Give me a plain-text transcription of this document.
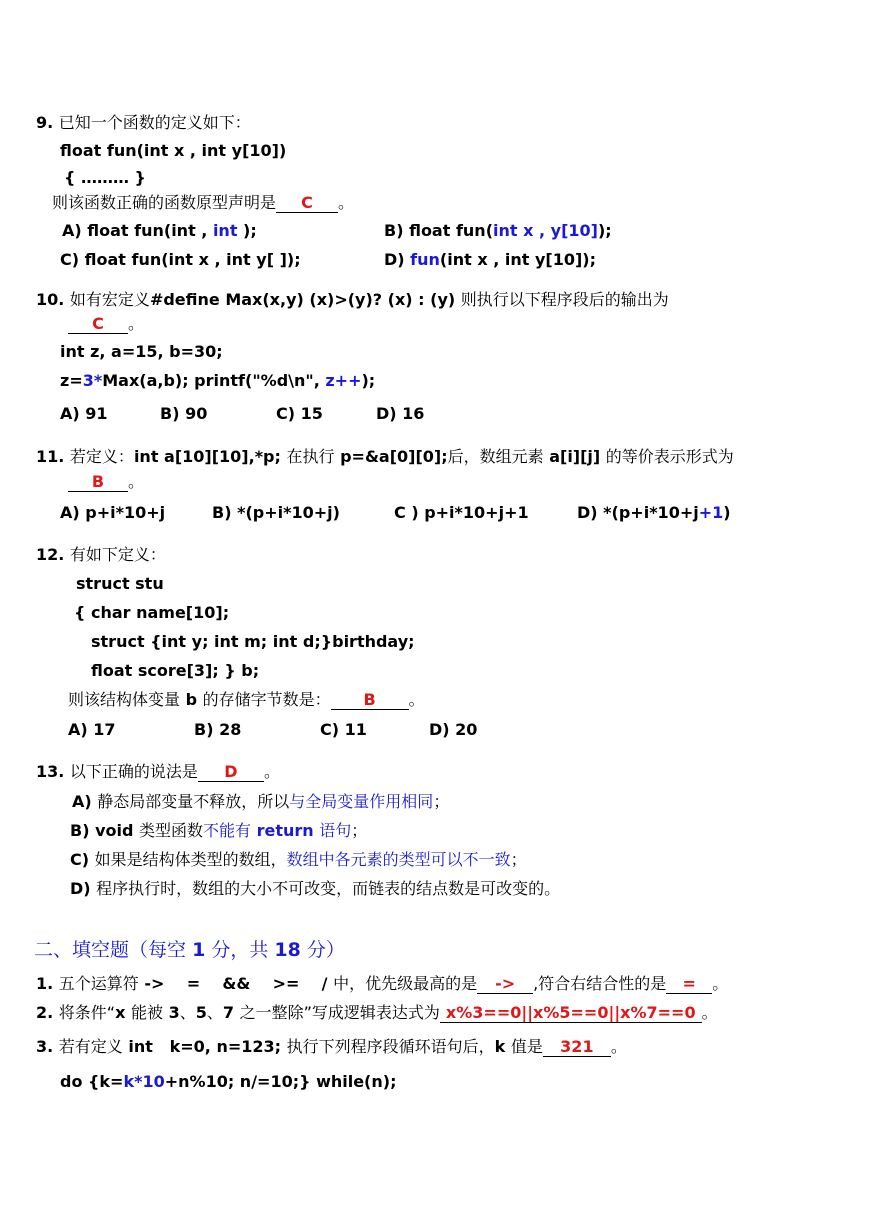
9. 已知一个函数的定义如下：
float fun(int x , int y[10])
{ ……… }
则该函数正确的函数原型声明是 C 。
A) float fun(int , int );	B) float fun(int x , y[10]);
C) float fun(int x , int y[ ]);	D) fun(int x , int y[10]);
10. 如有宏定义#define Max(x,y) (x)>(y)? (x) : (y) 则执行以下程序段后的输出为
C 。
int z, a=15, b=30;
z=3*Max(a,b); printf("%d\n", z++);
A) 91	B) 90	C) 15	D) 16
11. 若定义：int a[10][10],*p; 在执行 p=&a[0][0];后，数组元素 a[i][j] 的等价表示形式为
B 。
A) p+i*10+j	B) *(p+i*10+j)	C ) p+i*10+j+1	D) *(p+i*10+j+1)
12. 有如下定义：
struct stu
{ char name[10];
struct {int y; int m; int d;}birthday;
float score[3]; } b;
则该结构体变量 b 的存储字节数是： B 。
A) 17	B) 28	C) 11	D) 20
13. 以下正确的说法是 D 。
A) 静态局部变量不释放，所以与全局变量作用相同；
B) void 类型函数不能有 return 语句；
C) 如果是结构体类型的数组，数组中各元素的类型可以不一致；
D) 程序执行时，数组的大小不可改变，而链表的结点数是可改变的。
二、填空题（每空 1 分，共 18 分）
1. 五个运算符 ->    =    &&    >=    / 中，优先级最高的是 -> ,符合右结合性的是 = 。
2. 将条件“x 能被 3、5、7 之一整除”写成逻辑表达式为 x%3==0||x%5==0||x%7==0 。
3. 若有定义 int   k=0, n=123; 执行下列程序段循环语句后，k 值是 321 。
do {k=k*10+n%10; n/=10;} while(n);
